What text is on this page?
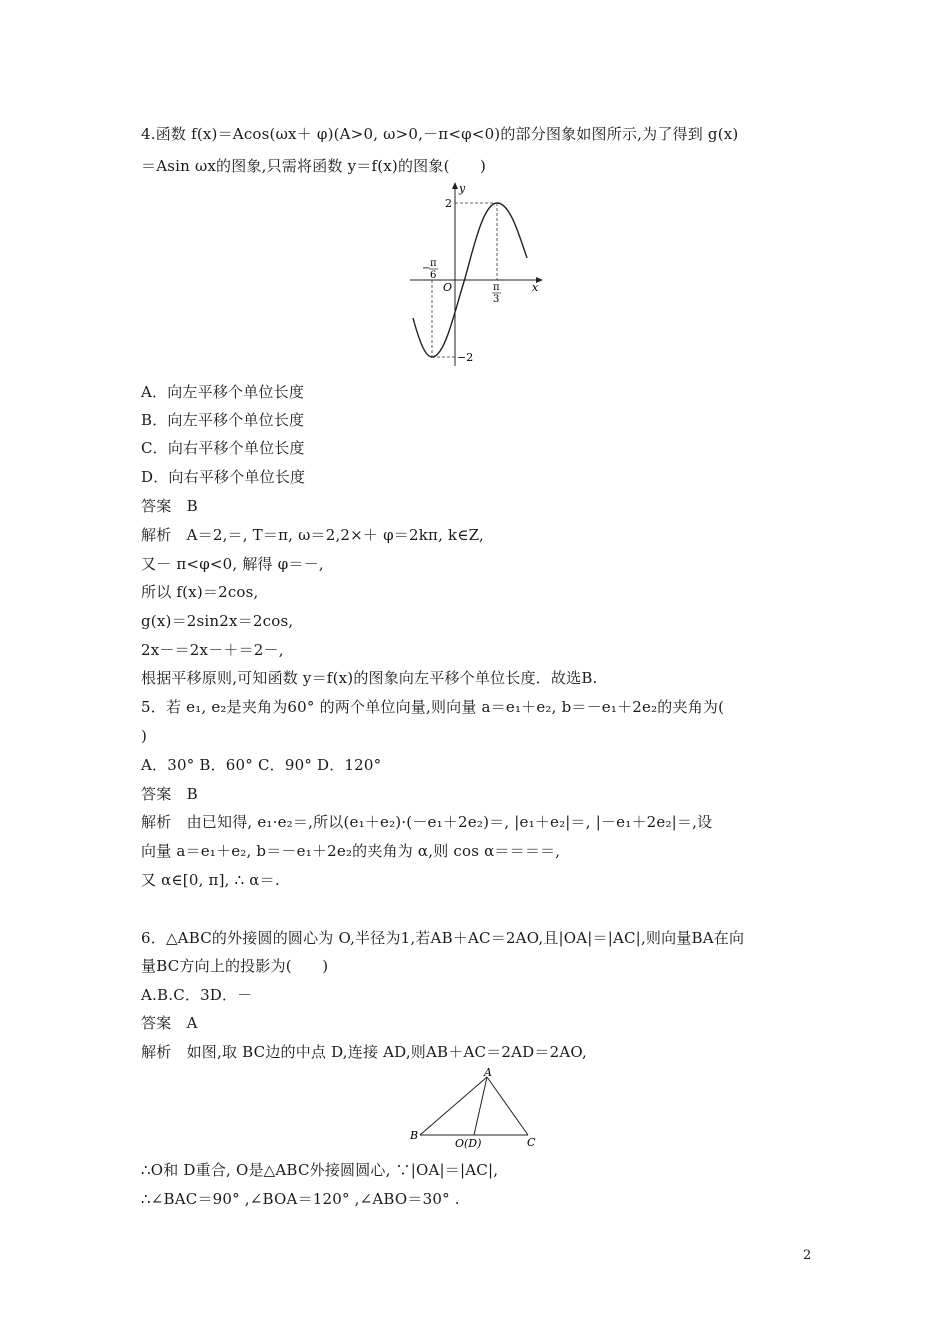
4.函数 f(x)＝Acos(ωx＋ φ)(A>0, ω>0,－π<φ<0)的部分图象如图所示,为了得到 g(x)
＝Asin ωx的图象,只需将函数 y＝f(x)的图象(　　)
y
x
O
2
−2
− π
6
π
3
A．向左平移个单位长度
B．向左平移个单位长度
C．向右平移个单位长度
D．向右平移个单位长度
答案　B
解析　A＝2,＝, T＝π, ω＝2,2×＋ φ＝2kπ, k∈Z,
又－ π<φ<0, 解得 φ＝－,
所以 f(x)＝2cos,
g(x)＝2sin2x＝2cos,
2x－＝2x－＋＝2－,
根据平移原则,可知函数 y＝f(x)的图象向左平移个单位长度．故选B.
5．若 e₁, e₂是夹角为60° 的两个单位向量,则向量 a＝e₁＋e₂, b＝－e₁＋2e₂的夹角为(
)
A．30° B．60° C．90° D．120°
答案　B
解析　由已知得, e₁·e₂＝,所以(e₁＋e₂)·(－e₁＋2e₂)＝, |e₁＋e₂|＝, |－e₁＋2e₂|＝,设
向量 a＝e₁＋e₂, b＝－e₁＋2e₂的夹角为 α,则 cos α＝＝＝＝,
又 α∈[0, π], ∴ α＝.
6．△ABC的外接圆的圆心为 O,半径为1,若AB＋AC＝2AO,且|OA|＝|AC|,则向量BA在向
量BC方向上的投影为(　　)
A.B.C．3D．－
答案　A
解析　如图,取 BC边的中点 D,连接 AD,则AB＋AC＝2AD＝2AO,
A
B
C
O(D)
∴O和 D重合, O是△ABC外接圆圆心, ∵|OA|＝|AC|,
∴∠BAC＝90° ,∠BOA＝120° ,∠ABO＝30° .
2
